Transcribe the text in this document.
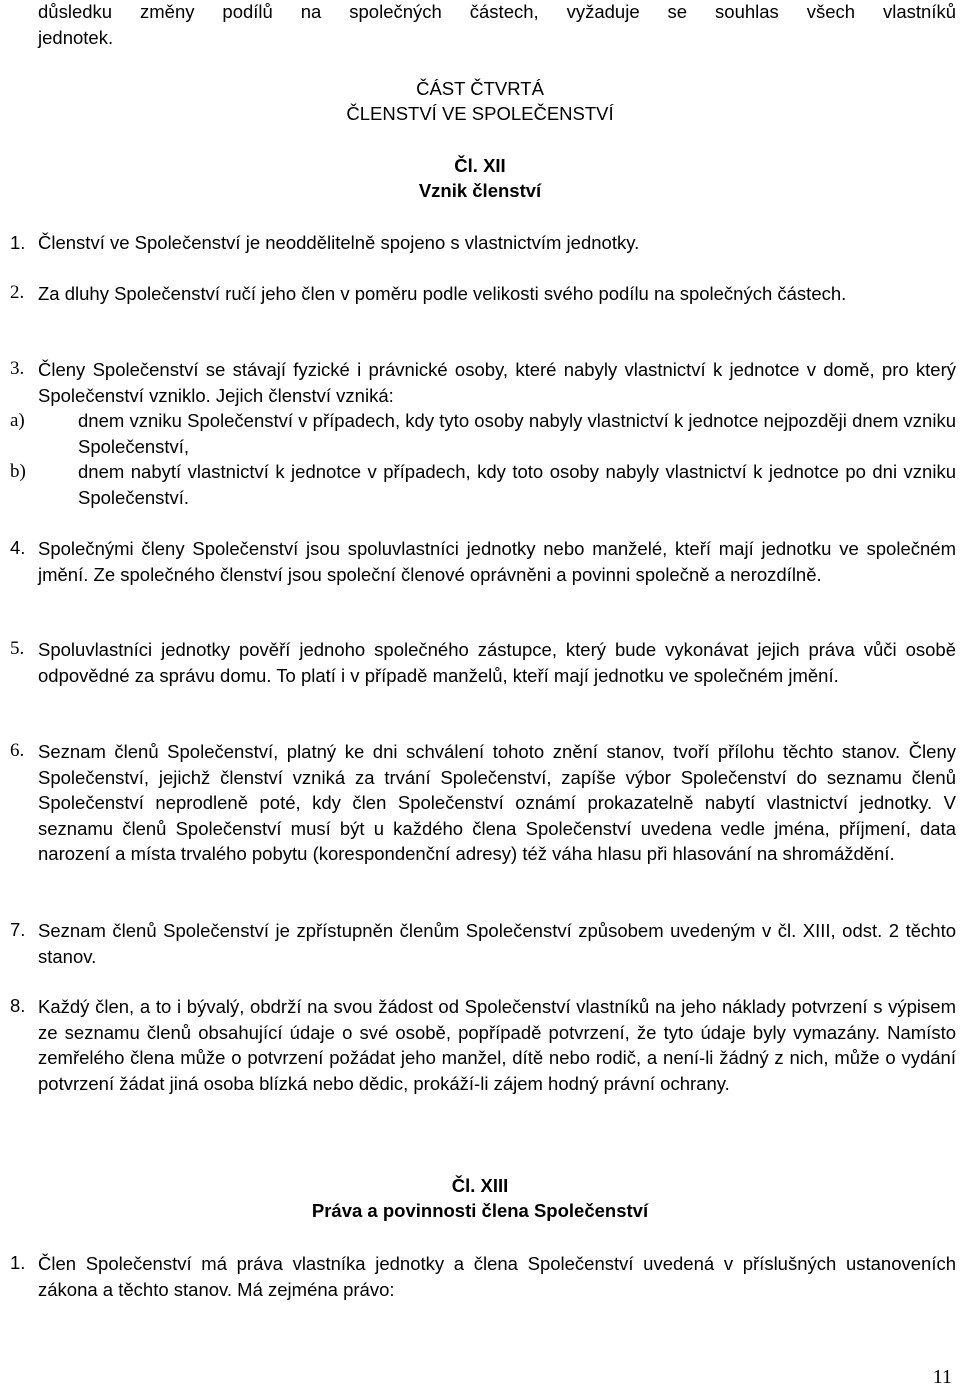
důsledku změny podílů na společných částech, vyžaduje se souhlas všech vlastníků
jednotek.
ČÁST ČTVRTÁ
ČLENSTVÍ VE SPOLEČENSTVÍ
Čl. XII
Vznik členství
1. Členství ve Společenství je neoddělitelně spojeno s vlastnictvím jednotky.
2. Za dluhy Společenství ručí jeho člen v poměru podle velikosti svého podílu na společných částech.
3. Členy Společenství se stávají fyzické i právnické osoby, které nabyly vlastnictví k jednotce v domě, pro který Společenství vzniklo. Jejich členství vzniká:
a)	dnem vzniku Společenství v případech, kdy tyto osoby nabyly vlastnictví k jednotce nejpozději dnem vzniku Společenství,
b)	dnem nabytí vlastnictví k jednotce v případech, kdy toto osoby nabyly vlastnictví k jednotce po dni vzniku Společenství.
4. Společnými členy Společenství jsou spoluvlastníci jednotky nebo manželé, kteří mají jednotku ve společném jmění. Ze společného členství jsou společní členové oprávněni a povinni společně a nerozdílně.
5. Spoluvlastníci jednotky pověří jednoho společného zástupce, který bude vykonávat jejich práva vůči osobě odpovědné za správu domu. To platí i v případě manželů, kteří mají jednotku ve společném jmění.
6. Seznam členů Společenství, platný ke dni schválení tohoto znění stanov, tvoří přílohu těchto stanov. Členy Společenství, jejichž členství vzniká za trvání Společenství, zapíše výbor Společenství do seznamu členů Společenství neprodleně poté, kdy člen Společenství oznámí prokazatelně nabytí vlastnictví jednotky. V seznamu členů Společenství musí být u každého člena Společenství uvedena vedle jména, příjmení, data narození a místa trvalého pobytu (korespondenční adresy) též váha hlasu při hlasování na shromáždění.
7. Seznam členů Společenství je zpřístupněn členům Společenství způsobem uvedeným v čl. XIII, odst. 2 těchto stanov.
8. Každý člen, a to i bývalý, obdrží na svou žádost od Společenství vlastníků na jeho náklady potvrzení s výpisem ze seznamu členů obsahující údaje o své osobě, popřípadě potvrzení, že tyto údaje byly vymazány. Namísto zemřelého člena může o potvrzení požádat jeho manžel, dítě nebo rodič, a není-li žádný z nich, může o vydání potvrzení žádat jiná osoba blízká nebo dědic, prokáží-li zájem hodný právní ochrany.
Čl. XIII
Práva a povinnosti člena Společenství
1. Člen Společenství má práva vlastníka jednotky a člena Společenství uvedená v příslušných ustanoveních zákona a těchto stanov. Má zejména právo:
11
